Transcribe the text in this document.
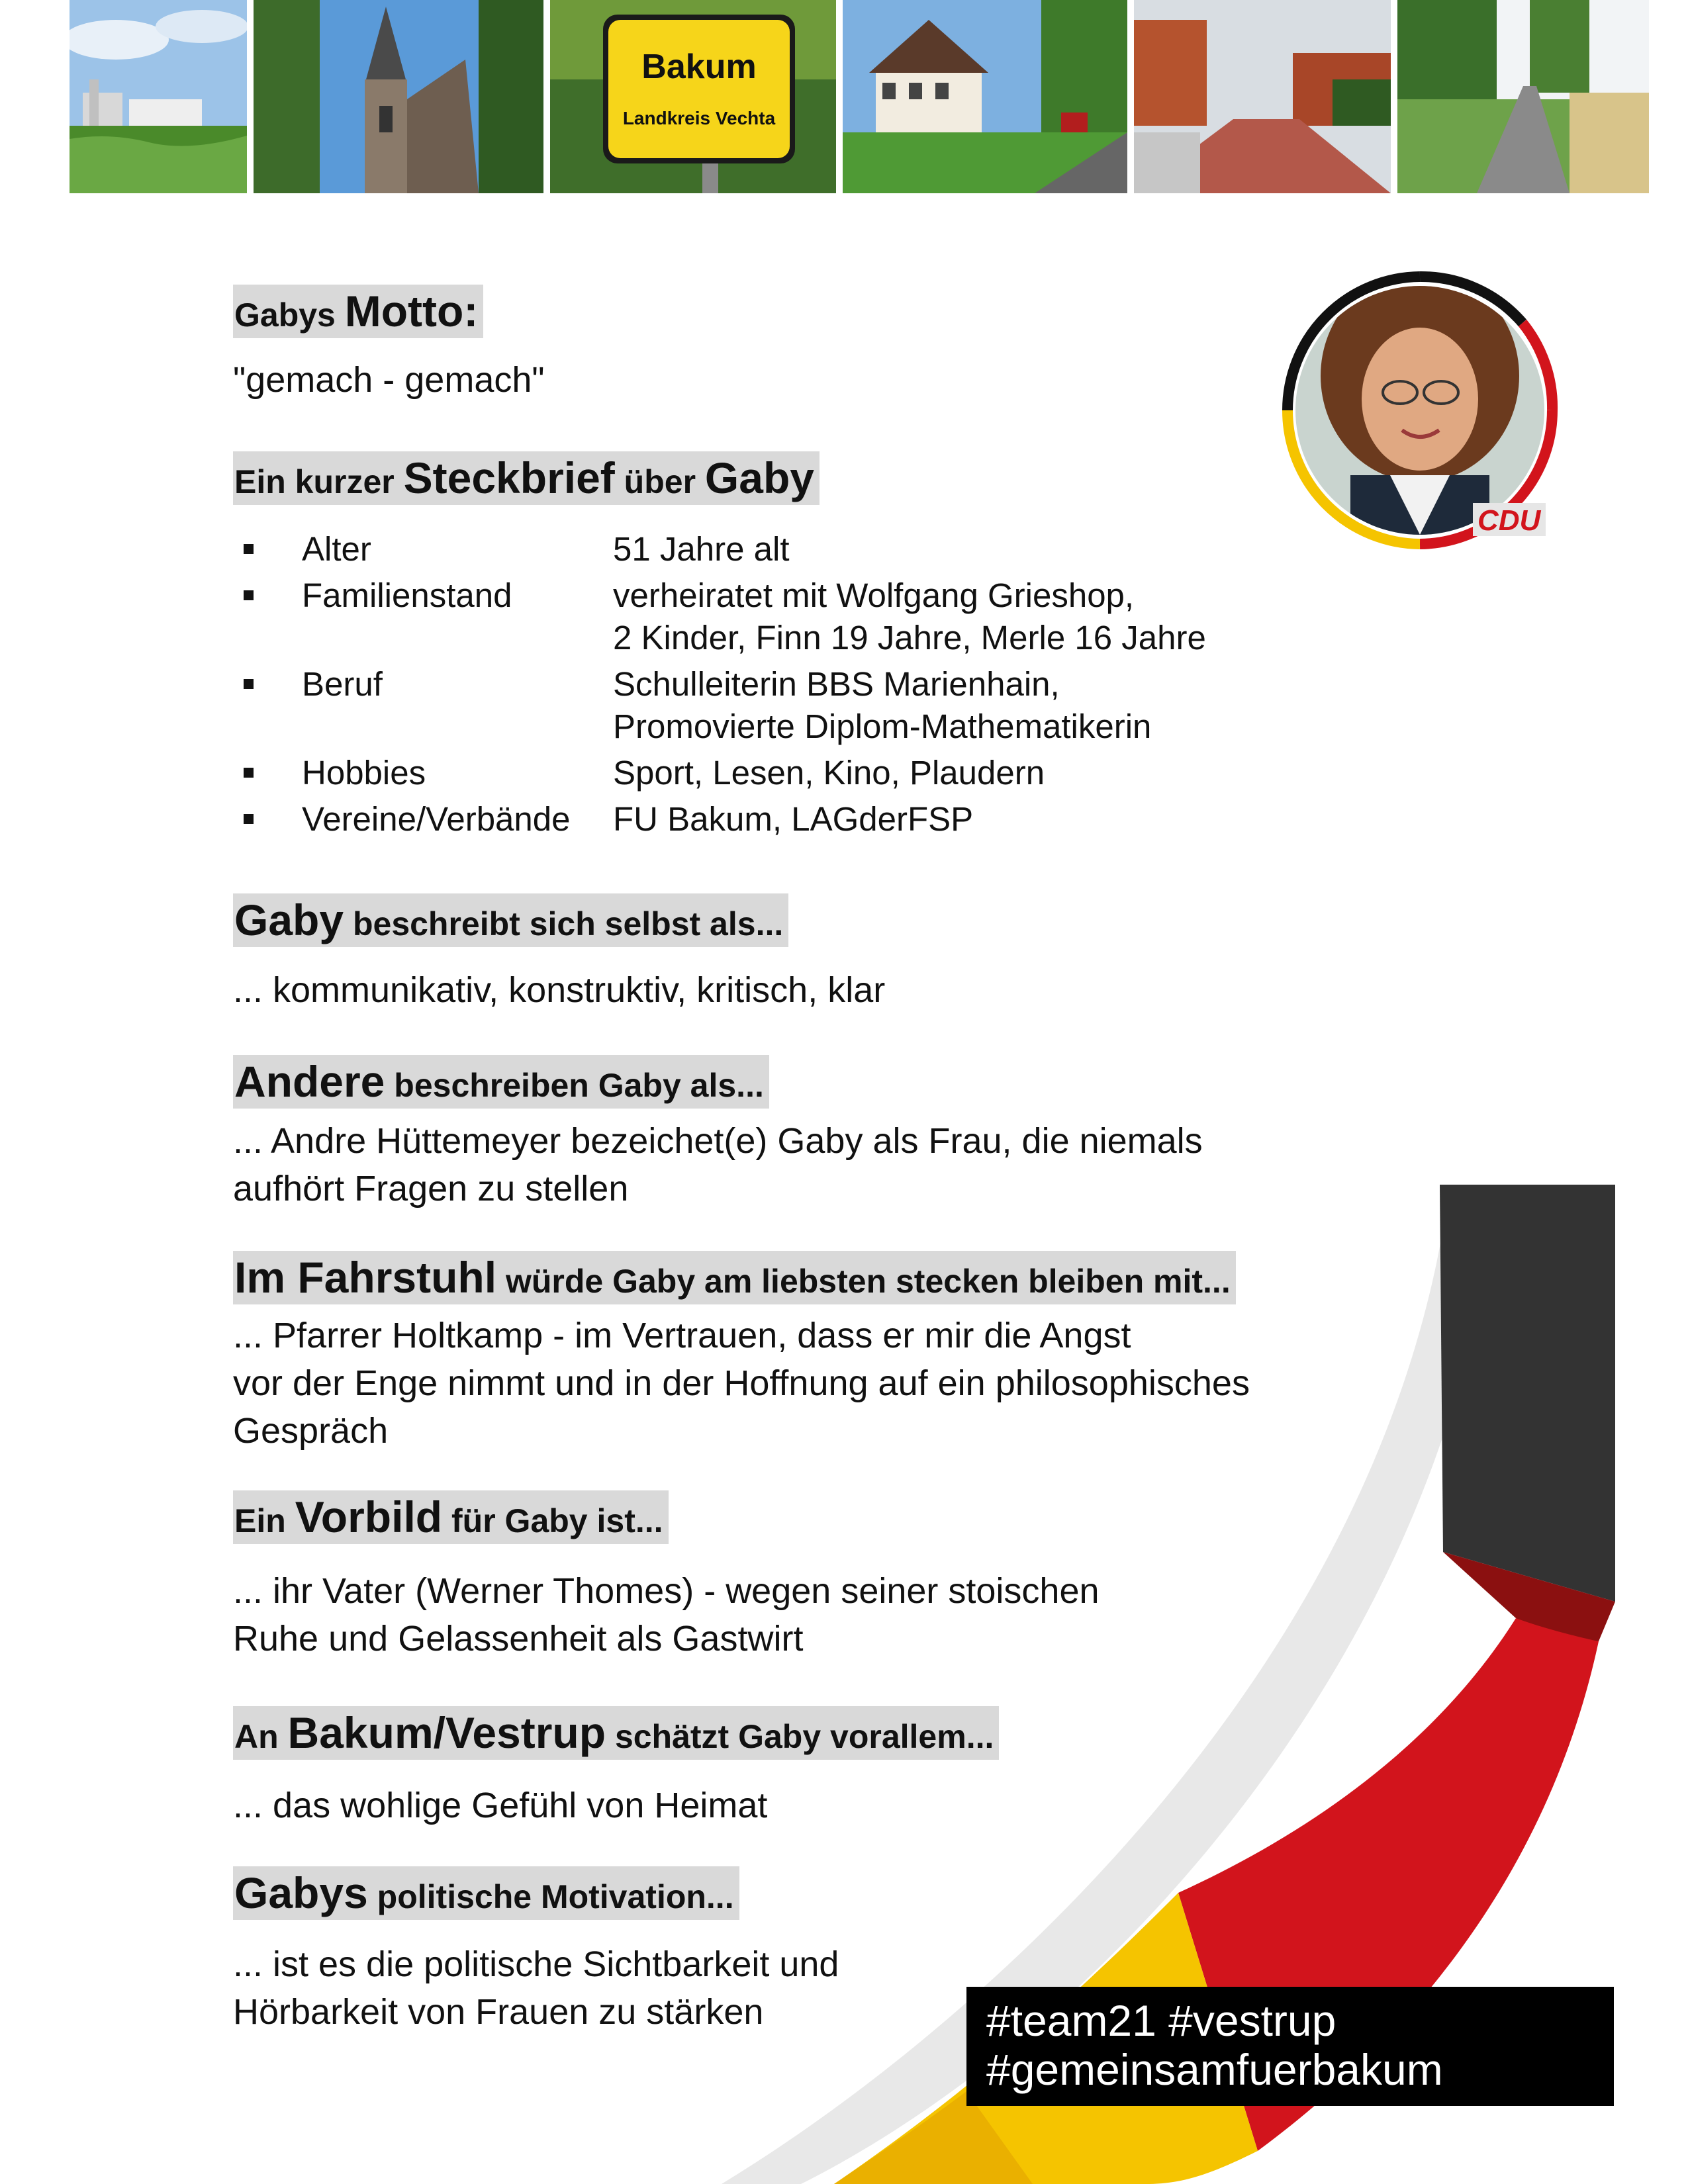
Bakum
Landkreis Vechta
CDU
Gabys Motto:
"gemach - gemach"
Ein kurzer Steckbrief über Gaby
Alter	51 Jahre alt
Familienstand	verheiratet mit Wolfgang Grieshop,
2 Kinder, Finn 19 Jahre, Merle 16 Jahre
Beruf	Schulleiterin BBS Marienhain,
Promovierte Diplom-Mathematikerin
Hobbies	Sport, Lesen, Kino, Plaudern
Vereine/Verbände FU Bakum, LAGderFSP
Gaby beschreibt sich selbst als...
... kommunikativ, konstruktiv, kritisch, klar
Andere beschreiben Gaby als...
... Andre Hüttemeyer bezeichet(e) Gaby als Frau, die niemals
aufhört Fragen zu stellen
Im Fahrstuhl würde Gaby am liebsten stecken bleiben mit...
... Pfarrer Holtkamp - im Vertrauen, dass er mir die Angst
vor der Enge nimmt und in der Hoffnung auf ein philosophisches
Gespräch
Ein Vorbild für Gaby ist...
... ihr Vater (Werner Thomes) - wegen seiner stoischen
Ruhe und Gelassenheit als Gastwirt
An Bakum/Vestrup schätzt Gaby vorallem...
... das wohlige Gefühl von Heimat
Gabys politische Motivation...
... ist es die politische Sichtbarkeit und
Hörbarkeit von Frauen zu stärken	#team21 #vestrup
#gemeinsamfuerbakum
